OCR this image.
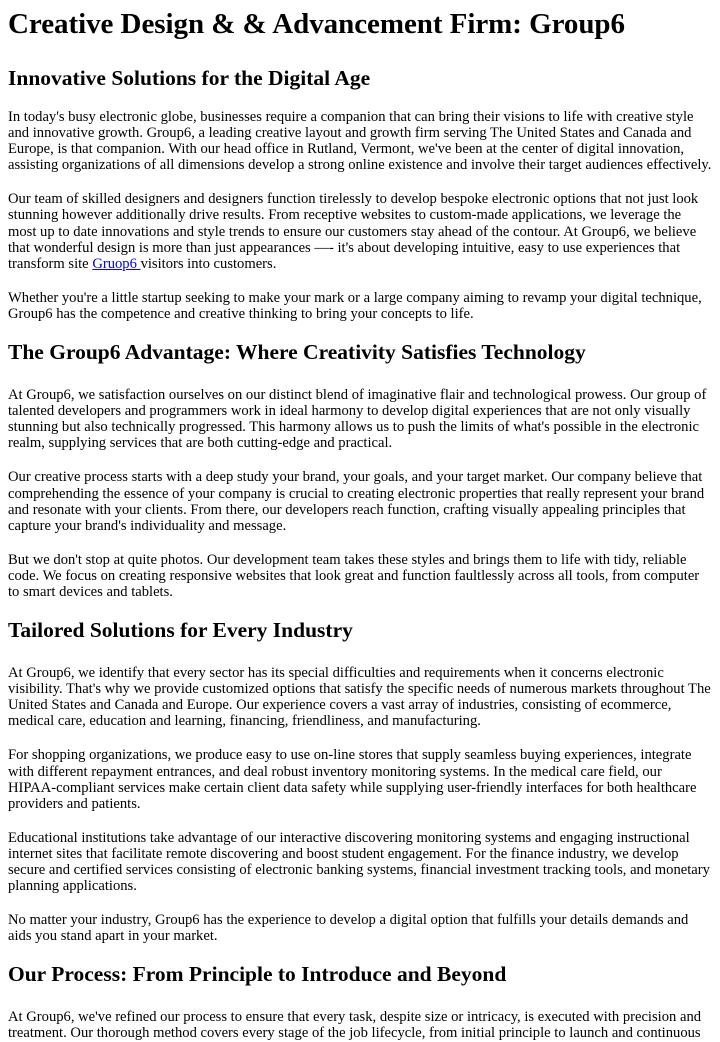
Creative Design & & Advancement Firm: Group6
Innovative Solutions for the Digital Age

In today's busy electronic globe, businesses require a companion that can bring their visions to life with creative style and innovative growth. Group6, a leading creative layout and growth firm serving The United States and Canada and Europe, is that companion. With our head office in Rutland, Vermont, we've been at the center of digital innovation, assisting organizations of all dimensions develop a strong online existence and involve their target audiences effectively.

Our team of skilled designers and designers function tirelessly to develop bespoke electronic options that not just look stunning however additionally drive results. From receptive websites to custom-made applications, we leverage the most up to date innovations and style trends to ensure our customers stay ahead of the contour. At Group6, we believe that wonderful design is more than just appearances —- it's about developing intuitive, easy to use experiences that transform site Gruop6 visitors into customers.

Whether you're a little startup seeking to make your mark or a large company aiming to revamp your digital technique, Group6 has the competence and creative thinking to bring your concepts to life.

The Group6 Advantage: Where Creativity Satisfies Technology

At Group6, we satisfaction ourselves on our distinct blend of imaginative flair and technological prowess. Our group of talented developers and programmers work in ideal harmony to develop digital experiences that are not only visually stunning but also technically progressed. This harmony allows us to push the limits of what's possible in the electronic realm, supplying services that are both cutting-edge and practical.

Our creative process starts with a deep study your brand, your goals, and your target market. Our company believe that comprehending the essence of your company is crucial to creating electronic properties that really represent your brand and resonate with your clients. From there, our developers reach function, crafting visually appealing principles that capture your brand's individuality and message.

But we don't stop at quite photos. Our development team takes these styles and brings them to life with tidy, reliable code. We focus on creating responsive websites that look great and function faultlessly across all tools, from computer to smart devices and tablets.

Tailored Solutions for Every Industry

At Group6, we identify that every sector has its special difficulties and requirements when it concerns electronic visibility. That's why we provide customized options that satisfy the specific needs of numerous markets throughout The United States and Canada and Europe. Our experience covers a vast array of industries, consisting of ecommerce, medical care, education and learning, financing, friendliness, and manufacturing.

For shopping organizations, we produce easy to use on-line stores that supply seamless buying experiences, integrate with different repayment entrances, and deal robust inventory monitoring systems. In the medical care field, our HIPAA-compliant services make certain client data safety while supplying user-friendly interfaces for both healthcare providers and patients.

Educational institutions take advantage of our interactive discovering monitoring systems and engaging instructional internet sites that facilitate remote discovering and boost student engagement. For the finance industry, we develop secure and certified services consisting of electronic banking systems, financial investment tracking tools, and monetary planning applications.

No matter your industry, Group6 has the experience to develop a digital option that fulfills your details demands and aids you stand apart in your market.

Our Process: From Principle to Introduce and Beyond

At Group6, we've refined our process to ensure that every task, despite size or intricacy, is executed with precision and treatment. Our thorough method covers every stage of the job lifecycle, from initial principle to launch and continuous
